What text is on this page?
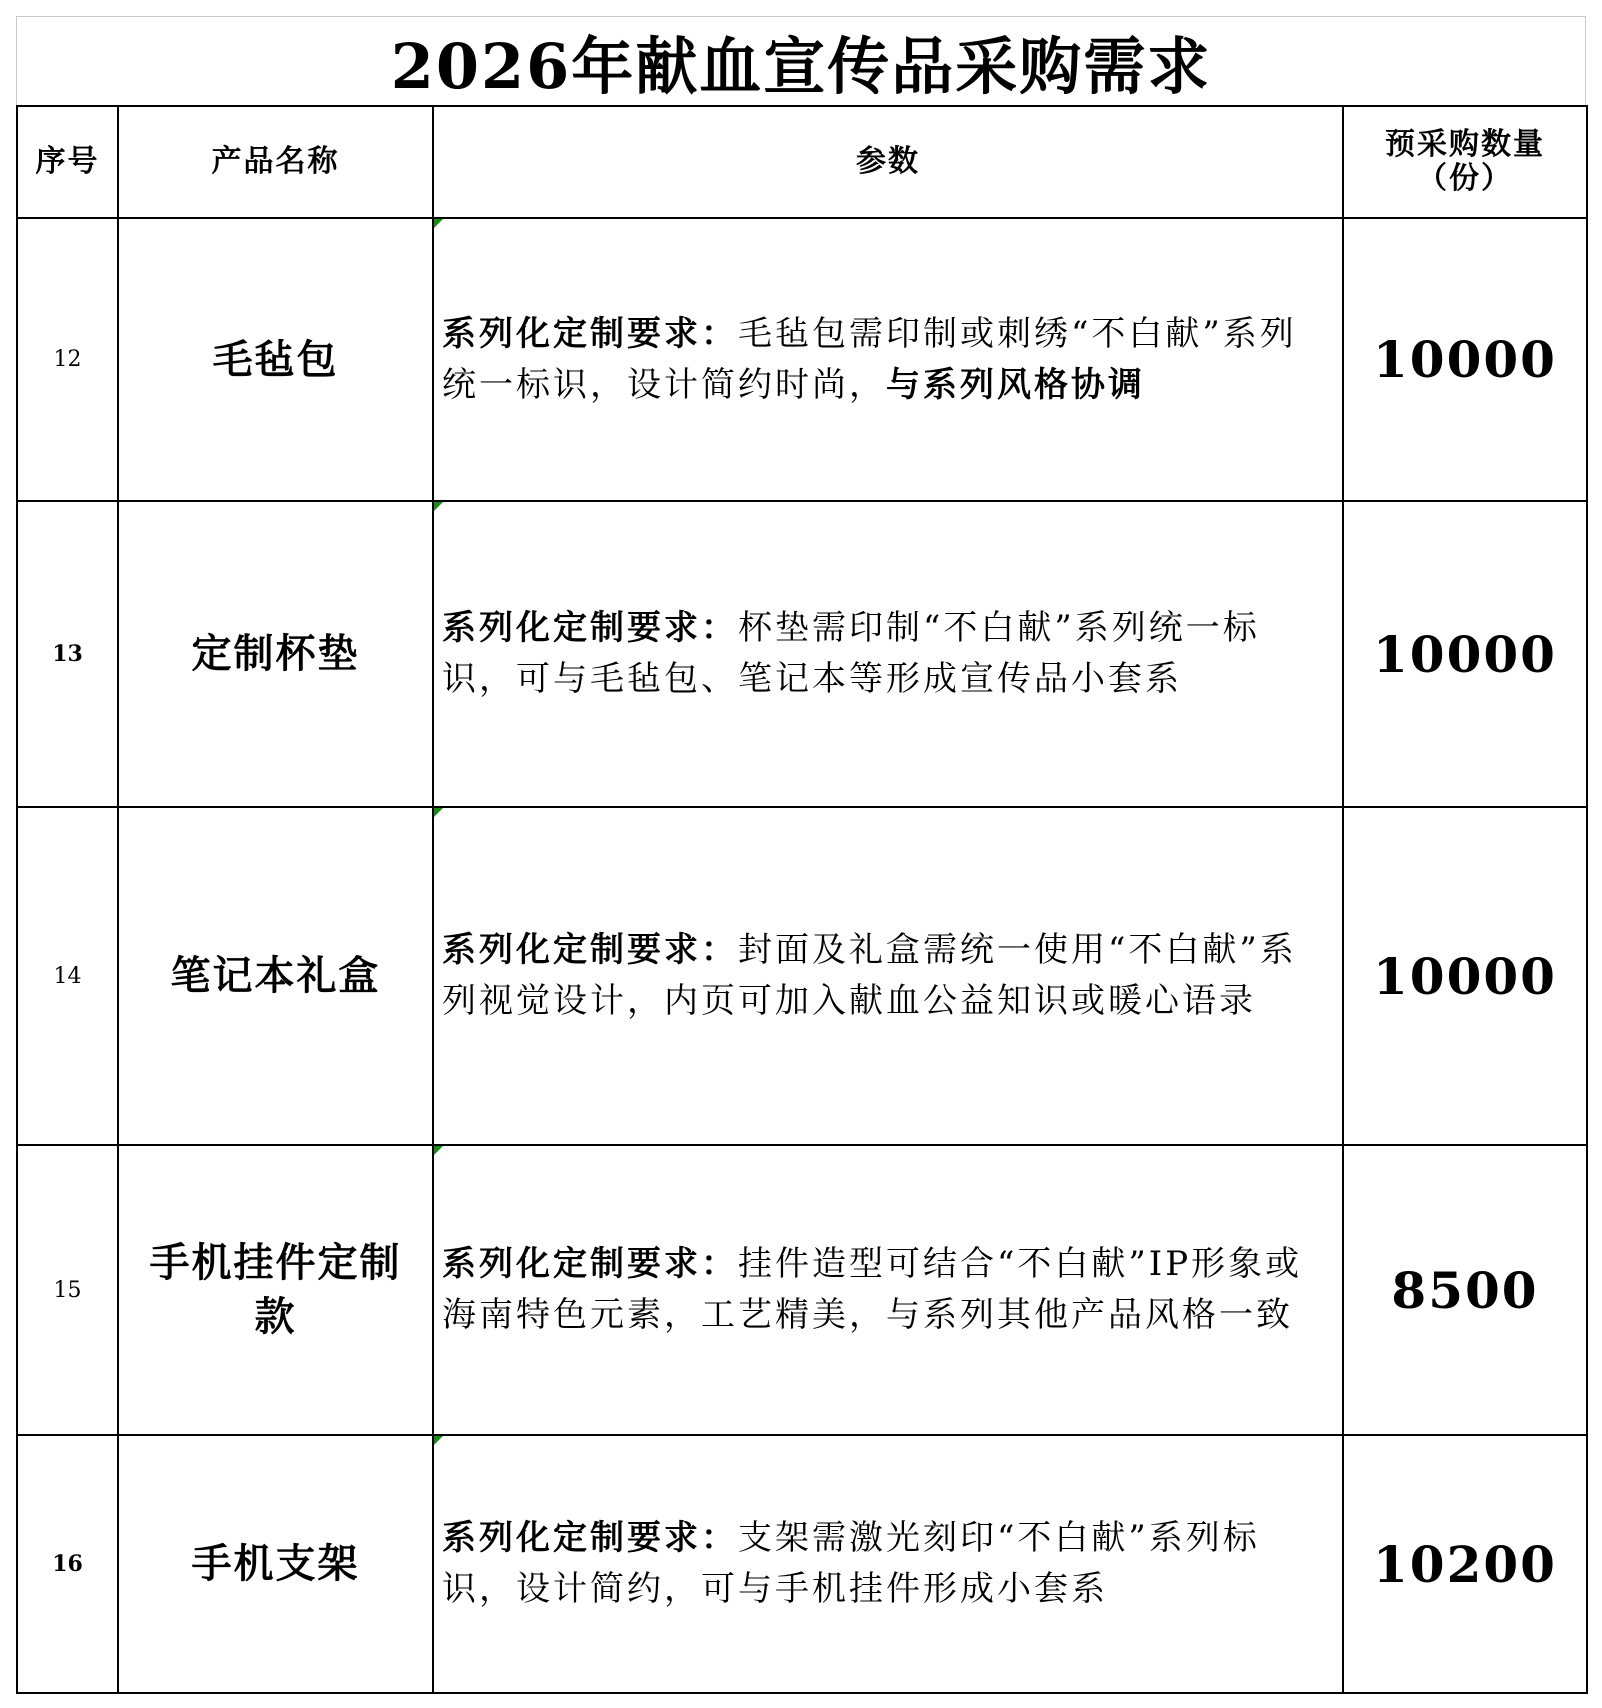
2026年献血宣传品采购需求
序号	产品名称	参数	预采购数量
（份）

12	毛毡包	系列化定制要求：毛毡包需印制或刺绣“不白献”系列统一标识，设计简约时尚，与系列风格协调	10000
13	定制杯垫	系列化定制要求：杯垫需印制“不白献”系列统一标识，可与毛毡包、笔记本等形成宣传品小套系	10000
14	笔记本礼盒	系列化定制要求：封面及礼盒需统一使用“不白献”系列视觉设计，内页可加入献血公益知识或暖心语录	10000
15	手机挂件定制款	系列化定制要求：挂件造型可结合“不白献”IP形象或海南特色元素，工艺精美，与系列其他产品风格一致	8500
16	手机支架	系列化定制要求：支架需激光刻印“不白献”系列标识，设计简约，可与手机挂件形成小套系	10200
